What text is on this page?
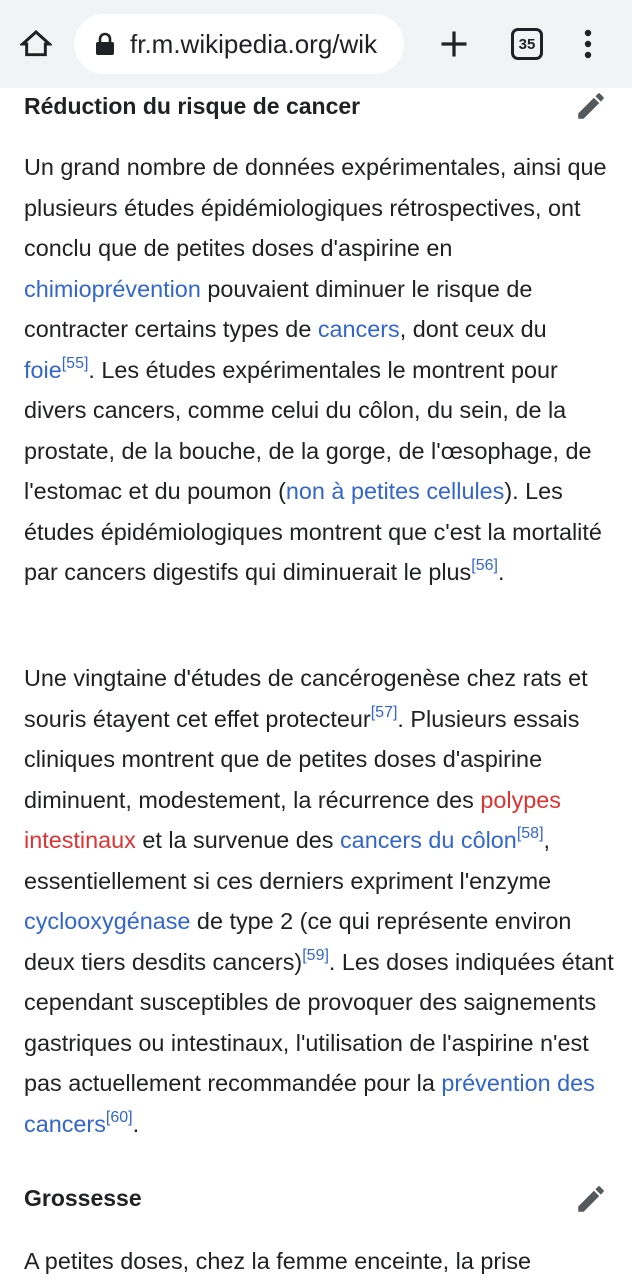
fr.m.wikipedia.org/wik	35
Réduction du risque de cancer

Un grand nombre de données expérimentales, ainsi que plusieurs études épidémiologiques rétrospectives, ont conclu que de petites doses d'aspirine en chimioprévention pouvaient diminuer le risque de contracter certains types de cancers, dont ceux du foie[55]. Les études expérimentales le montrent pour divers cancers, comme celui du côlon, du sein, de la prostate, de la bouche, de la gorge, de l'œsophage, de l'estomac et du poumon (non à petites cellules). Les études épidémiologiques montrent que c'est la mortalité par cancers digestifs qui diminuerait le plus[56].

Une vingtaine d'études de cancérogenèse chez rats et souris étayent cet effet protecteur[57]. Plusieurs essais cliniques montrent que de petites doses d'aspirine diminuent, modestement, la récurrence des polypes intestinaux et la survenue des cancers du côlon[58], essentiellement si ces derniers expriment l'enzyme cyclooxygénase de type 2 (ce qui représente environ deux tiers desdits cancers)[59]. Les doses indiquées étant cependant susceptibles de provoquer des saignements gastriques ou intestinaux, l'utilisation de l'aspirine n'est pas actuellement recommandée pour la prévention des cancers[60].

Grossesse

A petites doses, chez la femme enceinte, la prise
